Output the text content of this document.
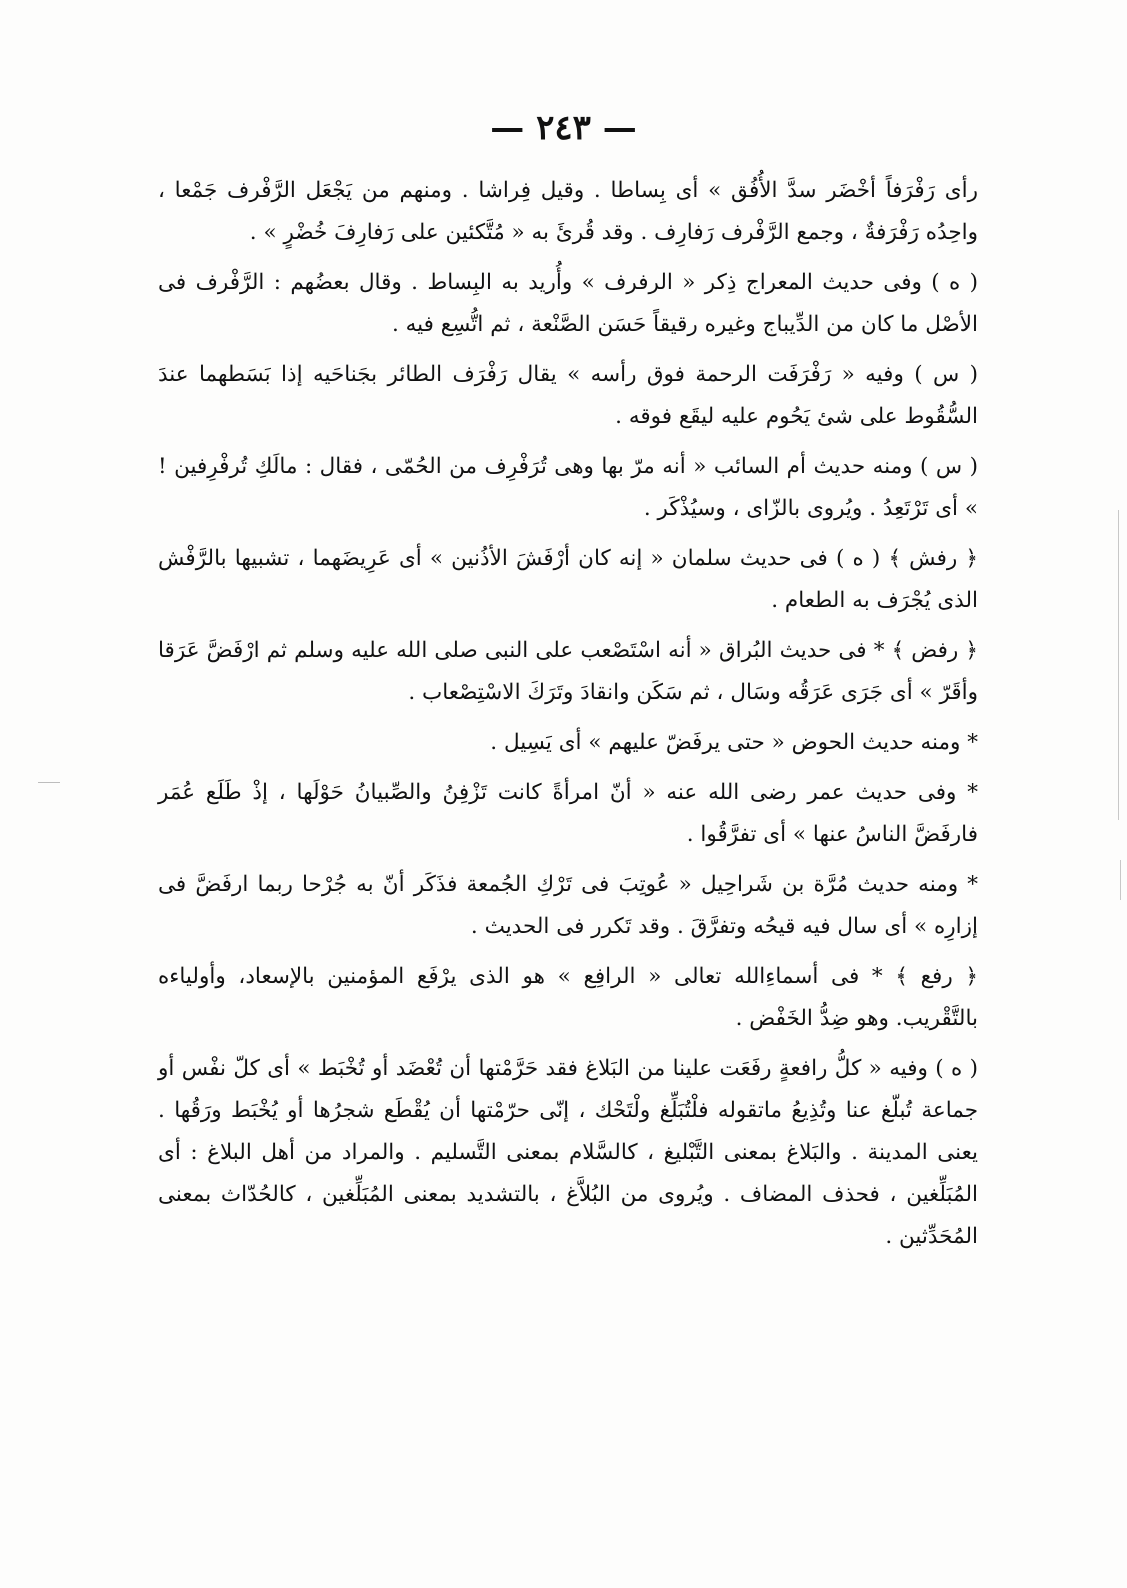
— ٢٤٣ —

رأى رَفْرَفاً أخْضَر سدَّ الأُفُق » أى بِساطا . وقيل فِراشا . ومنهم من يَجْعَل الرَّفْرف جَمْعا ، واحِدُه رَفْرَفةٌ ، وجمع الرَّفْرف رَفارِف . وقد قُرئَ به « مُتَّكئين على رَفارِفَ خُضْرٍ » .

( ه ) وفى حديث المعراج ذِكر « الرفرف » وأُريد به البِساط . وقال بعضُهم : الرَّفْرف فى الأصْل ما كان من الدِّيباج وغيره رقيقاً حَسَن الصَّنْعة ، ثم اتُّسِع فيه .

( س ) وفيه « رَفْرَفَت الرحمة فوق رأسه » يقال رَفْرَف الطائر بجَناحَيه إذا بَسَطهما عندَ السُّقُوط على شئ يَحُوم عليه ليقَع فوقه .

( س ) ومنه حديث أم السائب « أنه مرّ بها وهى تُرَفْرِف من الحُمّى ، فقال : مالَكِ تُرفْرِفين ! » أى تَرْتَعِدُ . ويُروى بالزّاى ، وسيُذْكَر .

﴿ رفش ﴾ ( ه ) فى حديث سلمان « إنه كان أرْفَشَ الأذُنين » أى عَرِيضَهما ، تشبيها بالرَّفْش الذى يُجْرَف به الطعام .

﴿ رفض ﴾ * فى حديث البُراق « أنه اسْتَصْعب على النبى صلى الله عليه وسلم ثم ارْفَضَّ عَرَقا وأقَرّ » أى جَرَى عَرَقُه وسَال ، ثم سَكَن وانقادَ وتَرَكَ الاسْتِصْعاب .

* ومنه حديث الحوض « حتى يرفَضّ عليهم » أى يَسِيل .

* وفى حديث عمر رضى الله عنه « أنّ امرأةً كانت تَزْفِنُ والصِّبيانُ حَوْلَها ، إذْ طَلَع عُمَر فارفَضَّ الناسُ عنها » أى تفرَّقُوا .

* ومنه حديث مُرَّة بن شَراحِيل « عُوتِبَ فى تَرْكِ الجُمعة فذَكَر أنّ به جُرْحا ربما ارفَضَّ فى إزارِه » أى سال فيه قيحُه وتفرَّقَ . وقد تَكرر فى الحديث .

﴿ رفع ﴾ * فى أسماءِالله تعالى « الرافِع » هو الذى يرْفَع المؤمنين بالإسعاد، وأولياءه بالتَّقْريب. وهو ضِدُّ الخَفْض .

( ه ) وفيه « كلُّ رافعةٍ رفَعَت علينا من البَلاغ فقد حَرَّمْتها أن تُعْضَد أو تُخْبَط » أى كلّ نفْس أو جماعة تُبلّغ عنا وتُذِيعُ ماتقوله فلْتُبَلِّغ ولْتَحْك ، إنّى حرّمْتها أن يُقْطَع شجرُها أو يُخْبَط ورَقُها . يعنى المدينة . والبَلاغ بمعنى التَّبْليغ ، كالسَّلام بمعنى التَّسليم . والمراد من أهل البلاغ : أى المُبَلِّغين ، فحذف المضاف . ويُروى من البُلاَّغ ، بالتشديد بمعنى المُبَلِّغين ، كالحُدّاث بمعنى المُحَدِّثين .
